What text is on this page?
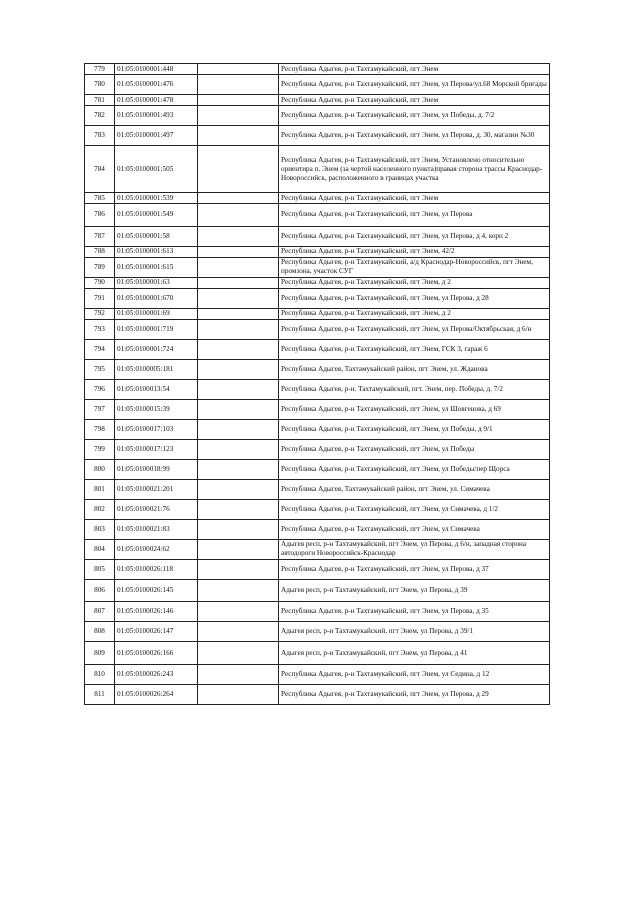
779	01:05:0100001:448		Республика Адыгея, р-н Тахтамукайский, пгт Энем
780	01:05:0100001:476		Республика Адыгея, р-н Тахтамукайский, пгт Энем, ул Перова/ул.68 Морской бригады
781	01:05:0100001:478		Республика Адыгея, р-н Тахтамукайский, пгт Энем
782	01:05:0100001:493		Республика Адыгея, р-н Тахтамукайский, пгт Энем, ул Победы, д. 7/2
783	01:05:0100001:497		Республика Адыгея, р-н Тахтамукайский, пгт Энем, ул Перова, д. 30, магазин №30
784	01:05:0100001:505		Республика Адыгея, р-н Тахтамукайский, пгт Энем, Установлено относительно ориентира п. Энем (за чертой населенного пункта)правая сторона трассы Краснодар-Новороссийск, расположенного в границах участка
785	01:05:0100001:539		Республика Адыгея, р-н Тахтамукайский, пгт Энем
786	01:05:0100001:549		Республика Адыгея, р-н Тахтамукайский, пгт Энем, ул Перова
787	01:05:0100001:58		Республика Адыгея, р-н Тахтамукайский, пгт Энем, ул Перова, д 4, корп 2
788	01:05:0100001:613		Республика Адыгея, р-н Тахтамукайский, пгт Энем, 42/2
789	01:05:0100001:615		Республика Адыгея, р-н Тахтамукайский, а/д Краснодар-Новороссийск, пгт Энем, промзона, участок СУГ
790	01:05:0100001:63		Республика Адыгея, р-н Тахтамукайский, пгт Энем, д 2
791	01:05:0100001:670		Республика Адыгея, р-н Тахтамукайский, пгт Энем, ул Перова, д 28
792	01:05:0100001:69		Республика Адыгея, р-н Тахтамукайский, пгт Энем, д 2
793	01:05:0100001:719		Республика Адыгея, р-н Тахтамукайский, пгт Энем, ул Перова/Октябрьская, д 6/н
794	01:05:0100001:724		Республика Адыгея, р-н Тахтамукайский, пгт Энем, ГСК 3, гараж 6
795	01:05:0100005:181		Республика Адыгея, Тахтамукайский район, пгт Энем, ул. Жданова
796	01:05:0100013:54		Республика Адыгея, р-н. Тахтамукайский, пгт. Энем, пер. Победы, д. 7/2
797	01:05:0100015:39		Республика Адыгея, р-н Тахтамукайский, пгт Энем, ул Шовгенова, д 69
798	01:05:0100017:103		Республика Адыгея, р-н Тахтамукайский, пгт Энем, ул Победы, д 9/1
799	01:05:0100017:123		Республика Адыгея, р-н Тахтамукайский, пгт Энем, ул Победы
800	01:05:0100018:99		Республика Адыгея, р-н Тахтамукайский, пгт Энем, ул Победы/пер Щорса
801	01:05:0100021:201		Республика Адыгея, Тахтамукайский район, пгт Энем, ул. Симачева
802	01:05:0100021:76		Республика Адыгея, р-н Тахтамукайский, пгт Энем, ул Симачева, д 1/2
803	01:05:0100021:83		Республика Адыгея, р-н Тахтамукайский, пгт Энем, ул Симачева
804	01:05:0100024:62		Адыгея респ, р-н Тахтамукайский, пгт Энем, ул Перова, д 6/н, западная сторона автодороги Новороссийск-Краснодар
805	01:05:0100026:118		Республика Адыгея, р-н Тахтамукайский, пгт Энем, ул Перова, д 37
806	01:05:0100026:145		Адыгея респ, р-н Тахтамукайский, пгт Энем, ул Перова, д 39
807	01:05:0100026:146		Республика Адыгея, р-н Тахтамукайский, пгт Энем, ул Перова, д 35
808	01:05:0100026:147		Адыгея респ, р-н Тахтамукайский, пгт Энем, ул Перова, д 39/1
809	01:05:0100026:166		Адыгея респ, р-н Тахтамукайский, пгт Энем, ул Перова, д 41
810	01:05:0100026:243		Республика Адыгея, р-н Тахтамукайский, пгт Энем, ул Седина, д 12
811	01:05:0100026:264		Республика Адыгея, р-н Тахтамукайский, пгт Энем, ул Перова, д 29
